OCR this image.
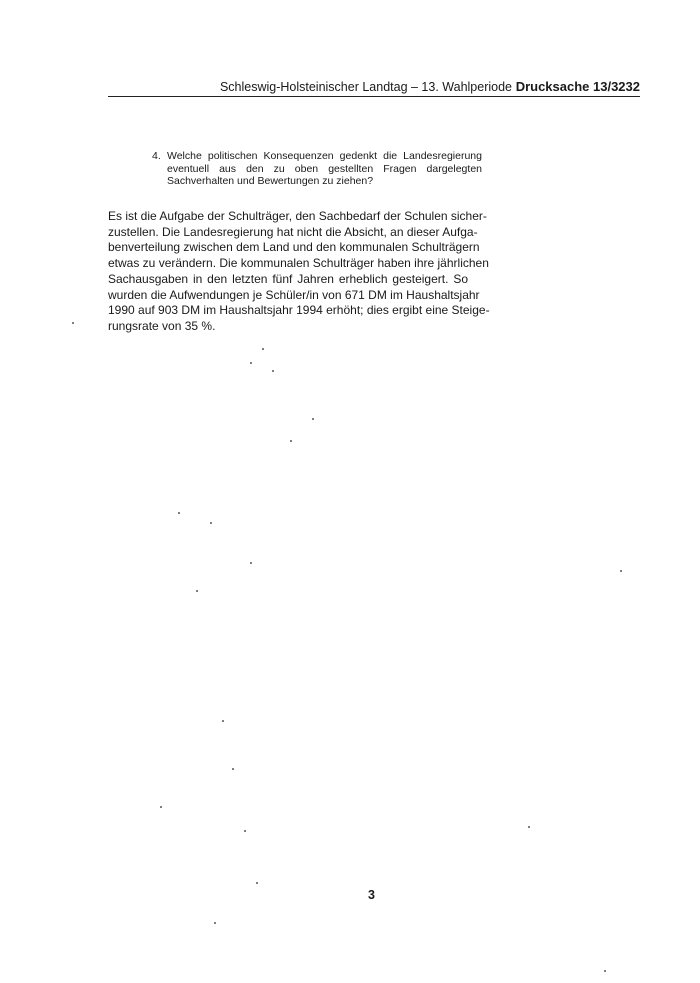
Schleswig-Holsteinischer Landtag – 13. Wahlperiode Drucksache 13/3232
4. Welche politischen Konsequenzen gedenkt die Landesregierung eventuell aus den zu oben gestellten Fragen dargelegten Sachverhalten und Bewertungen zu ziehen?
Es ist die Aufgabe der Schulträger, den Sachbedarf der Schulen sicher-
zustellen. Die Landesregierung hat nicht die Absicht, an dieser Aufga-
benverteilung zwischen dem Land und den kommunalen Schulträgern
etwas zu verändern. Die kommunalen Schulträger haben ihre jährlichen
Sachausgaben in den letzten fünf Jahren erheblich gesteigert. So
wurden die Aufwendungen je Schüler/in von 671 DM im Haushaltsjahr
1990 auf 903 DM im Haushaltsjahr 1994 erhöht; dies ergibt eine Steige-
rungsrate von 35 %.
3
